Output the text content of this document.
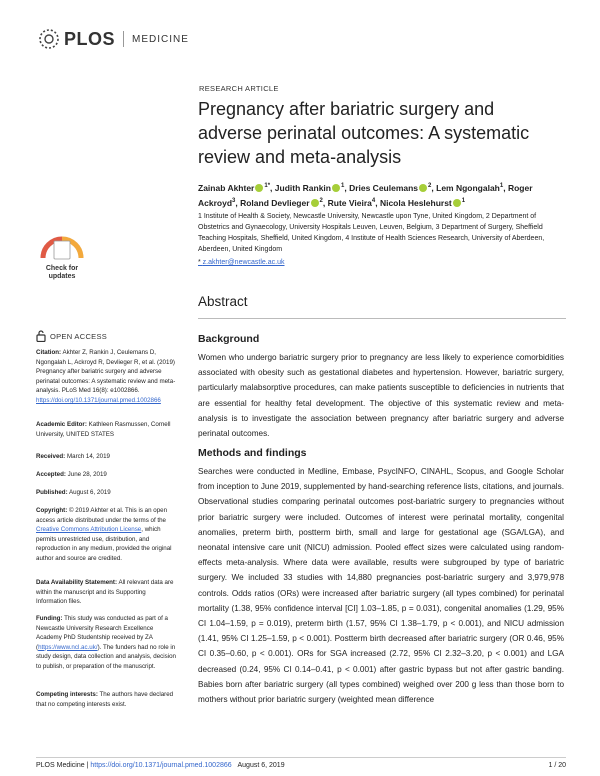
PLOS MEDICINE
Check for
updates
RESEARCH ARTICLE
Pregnancy after bariatric surgery and adverse perinatal outcomes: A systematic review and meta-analysis
Zainab Akhter $^{1*}$, Judith Rankin $^1$, Dries Ceulemans $^2$, Lem Ngongalah$^1$, Roger Ackroyd$^3$, Roland Devlieger $^2$, Rute Vieira$^4$, Nicola Heslehurst $^1$
1 Institute of Health & Society, Newcastle University, Newcastle upon Tyne, United Kingdom, 2 Department of Obstetrics and Gynaecology, University Hospitals Leuven, Leuven, Belgium, 3 Department of Surgery, Sheffield Teaching Hospitals, Sheffield, United Kingdom, 4 Institute of Health Sciences Research, University of Aberdeen, Aberdeen, United Kingdom
* z.akhter@newcastle.ac.uk
Abstract
Background
Women who undergo bariatric surgery prior to pregnancy are less likely to experience comorbidities associated with obesity such as gestational diabetes and hypertension. However, bariatric surgery, particularly malabsorptive procedures, can make patients susceptible to deficiencies in nutrients that are essential for healthy fetal development. The objective of this systematic review and meta-analysis is to investigate the association between pregnancy after bariatric surgery and adverse perinatal outcomes.
Methods and findings
Searches were conducted in Medline, Embase, PsycINFO, CINAHL, Scopus, and Google Scholar from inception to June 2019, supplemented by hand-searching reference lists, citations, and journals. Observational studies comparing perinatal outcomes post-bariatric surgery to pregnancies without prior bariatric surgery were included. Outcomes of interest were perinatal mortality, congenital anomalies, preterm birth, postterm birth, small and large for gestational age (SGA/LGA), and neonatal intensive care unit (NICU) admission. Pooled effect sizes were calculated using random-effects meta-analysis. Where data were available, results were subgrouped by type of bariatric surgery. We included 33 studies with 14,880 pregnancies post-bariatric surgery and 3,979,978 controls. Odds ratios (ORs) were increased after bariatric surgery (all types combined) for perinatal mortality (1.38, 95% confidence interval [CI] 1.03–1.85, p = 0.031), congenital anomalies (1.29, 95% CI 1.04–1.59, p = 0.019), preterm birth (1.57, 95% CI 1.38–1.79, p < 0.001), and NICU admission (1.41, 95% CI 1.25–1.59, p < 0.001). Postterm birth decreased after bariatric surgery (OR 0.46, 95% CI 0.35–0.60, p < 0.001). ORs for SGA increased (2.72, 95% CI 2.32–3.20, p < 0.001) and LGA decreased (0.24, 95% CI 0.14–0.41, p < 0.001) after gastric bypass but not after gastric banding. Babies born after bariatric surgery (all types combined) weighed over 200 g less than those born to mothers without prior bariatric surgery (weighted mean difference
OPEN ACCESS
Citation: Akhter Z, Rankin J, Ceulemans D, Ngongalah L, Ackroyd R, Devlieger R, et al. (2019) Pregnancy after bariatric surgery and adverse perinatal outcomes: A systematic review and meta-analysis. PLoS Med 16(8): e1002866. https://doi.org/10.1371/journal.pmed.1002866
Academic Editor: Kathleen Rasmussen, Cornell University, UNITED STATES
Received: March 14, 2019
Accepted: June 28, 2019
Published: August 6, 2019
Copyright: © 2019 Akhter et al. This is an open access article distributed under the terms of the Creative Commons Attribution License, which permits unrestricted use, distribution, and reproduction in any medium, provided the original author and source are credited.
Data Availability Statement: All relevant data are within the manuscript and its Supporting Information files.
Funding: This study was conducted as part of a Newcastle University Research Excellence Academy PhD Studentship received by ZA (https://www.ncl.ac.uk/). The funders had no role in study design, data collection and analysis, decision to publish, or preparation of the manuscript.
Competing interests: The authors have declared that no competing interests exist.
PLOS Medicine | https://doi.org/10.1371/journal.pmed.1002866 August 6, 2019	1 / 20
